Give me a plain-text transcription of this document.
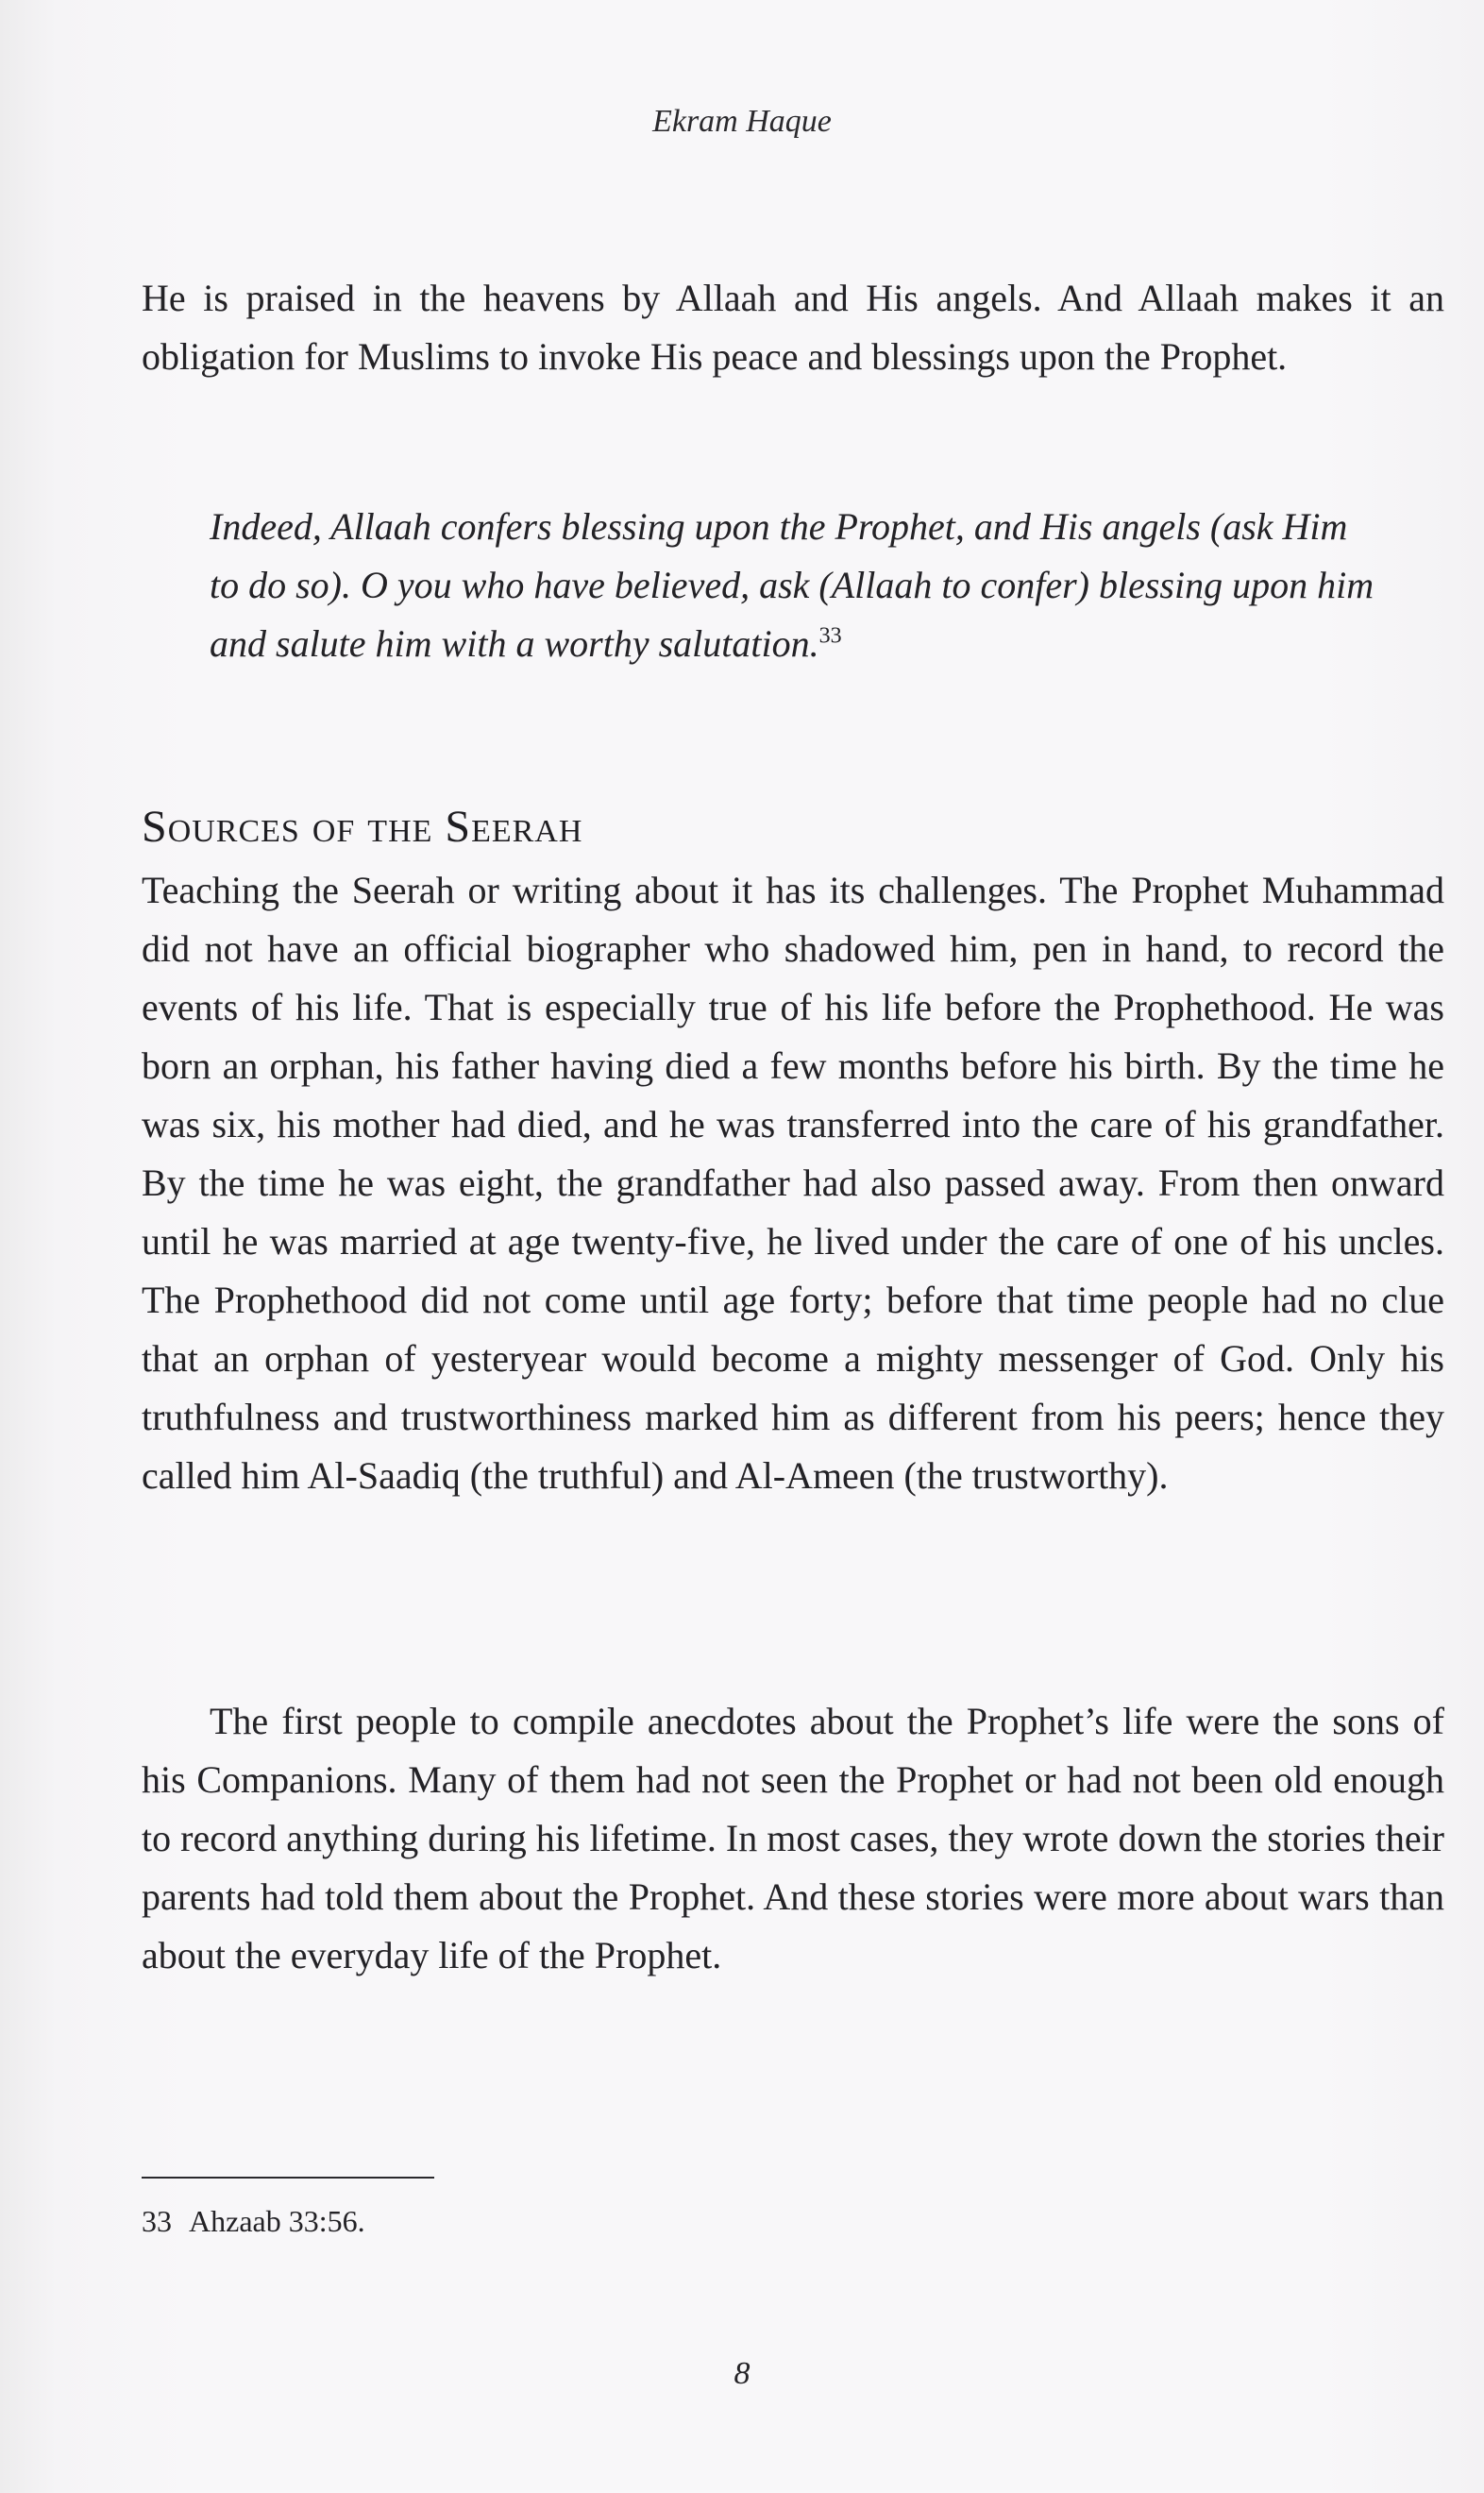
Ekram Haque

He is praised in the heavens by Allaah and His angels. And Allaah makes it an obligation for Muslims to invoke His peace and blessings upon the Prophet.

Indeed, Allaah confers blessing upon the Prophet, and His angels (ask Him to do so). O you who have believed, ask (Allaah to confer) blessing upon him and salute him with a worthy salutation.$^{33}$

Sources of the Seerah

Teaching the Seerah or writing about it has its challenges. The Prophet Muhammad did not have an official biographer who shadowed him, pen in hand, to record the events of his life. That is especially true of his life before the Prophethood. He was born an orphan, his father having died a few months before his birth. By the time he was six, his mother had died, and he was transferred into the care of his grandfather. By the time he was eight, the grandfather had also passed away. From then onward until he was married at age twenty-five, he lived under the care of one of his uncles. The Prophethood did not come until age forty; before that time people had no clue that an orphan of yesteryear would become a mighty messenger of God. Only his truthfulness and trustworthiness marked him as different from his peers; hence they called him Al-Saadiq (the truthful) and Al-Ameen (the trustworthy).

The first people to compile anecdotes about the Prophet’s life were the sons of his Companions. Many of them had not seen the Prophet or had not been old enough to record anything during his lifetime. In most cases, they wrote down the stories their parents had told them about the Prophet. And these stories were more about wars than about the everyday life of the Prophet.

33 Ahzaab 33:56.
8
